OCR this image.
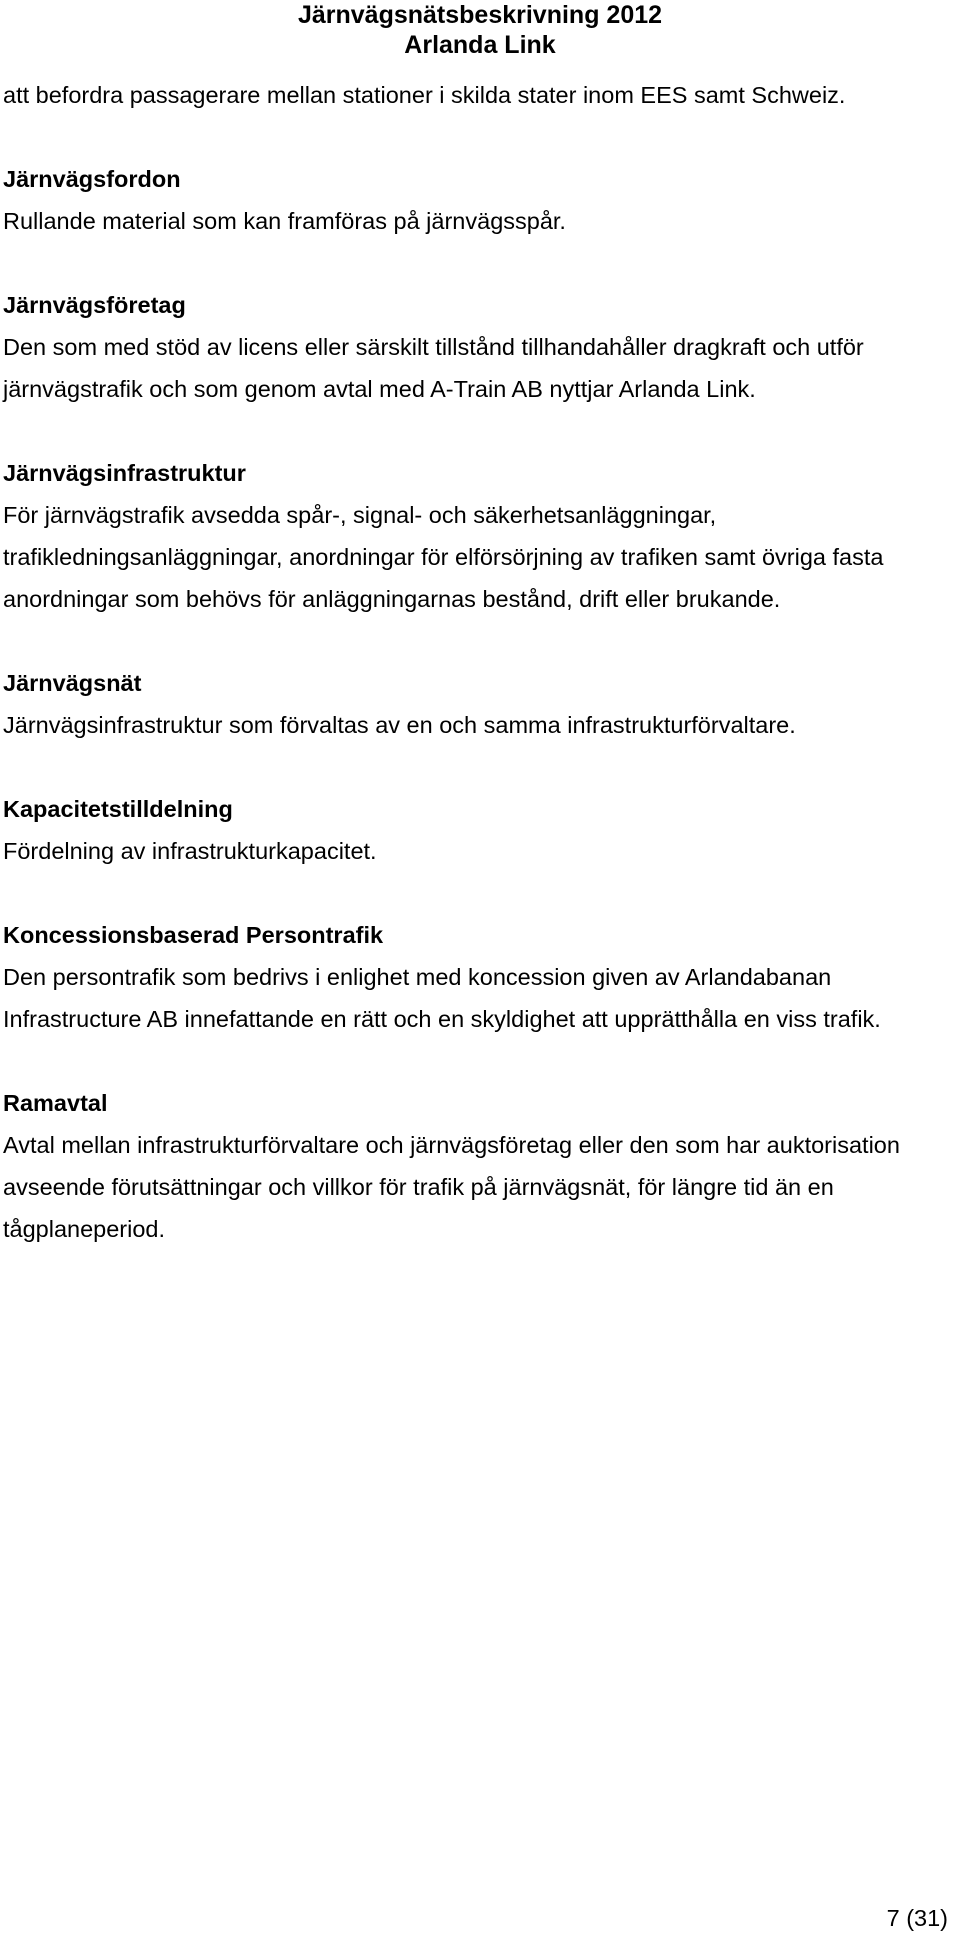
Järnvägsnätsbeskrivning 2012
Arlanda Link

att befordra passagerare mellan stationer i skilda stater inom EES samt Schweiz.

Järnvägsfordon
Rullande material som kan framföras på järnvägsspår.

Järnvägsföretag
Den som med stöd av licens eller särskilt tillstånd tillhandahåller dragkraft och utför järnvägstrafik och som genom avtal med A-Train AB nyttjar Arlanda Link.

Järnvägsinfrastruktur
För järnvägstrafik avsedda spår-, signal- och säkerhetsanläggningar, trafikledningsanläggningar, anordningar för elförsörjning av trafiken samt övriga fasta anordningar som behövs för anläggningarnas bestånd, drift eller brukande.

Järnvägsnät
Järnvägsinfrastruktur som förvaltas av en och samma infrastrukturförvaltare.

Kapacitetstilldelning
Fördelning av infrastrukturkapacitet.

Koncessionsbaserad Persontrafik
Den persontrafik som bedrivs i enlighet med koncession given av Arlandabanan Infrastructure AB innefattande en rätt och en skyldighet att upprätthålla en viss trafik.

Ramavtal
Avtal mellan infrastrukturförvaltare och järnvägsföretag eller den som har auktorisation avseende förutsättningar och villkor för trafik på järnvägsnät, för längre tid än en tågplaneperiod.

7 (31)
